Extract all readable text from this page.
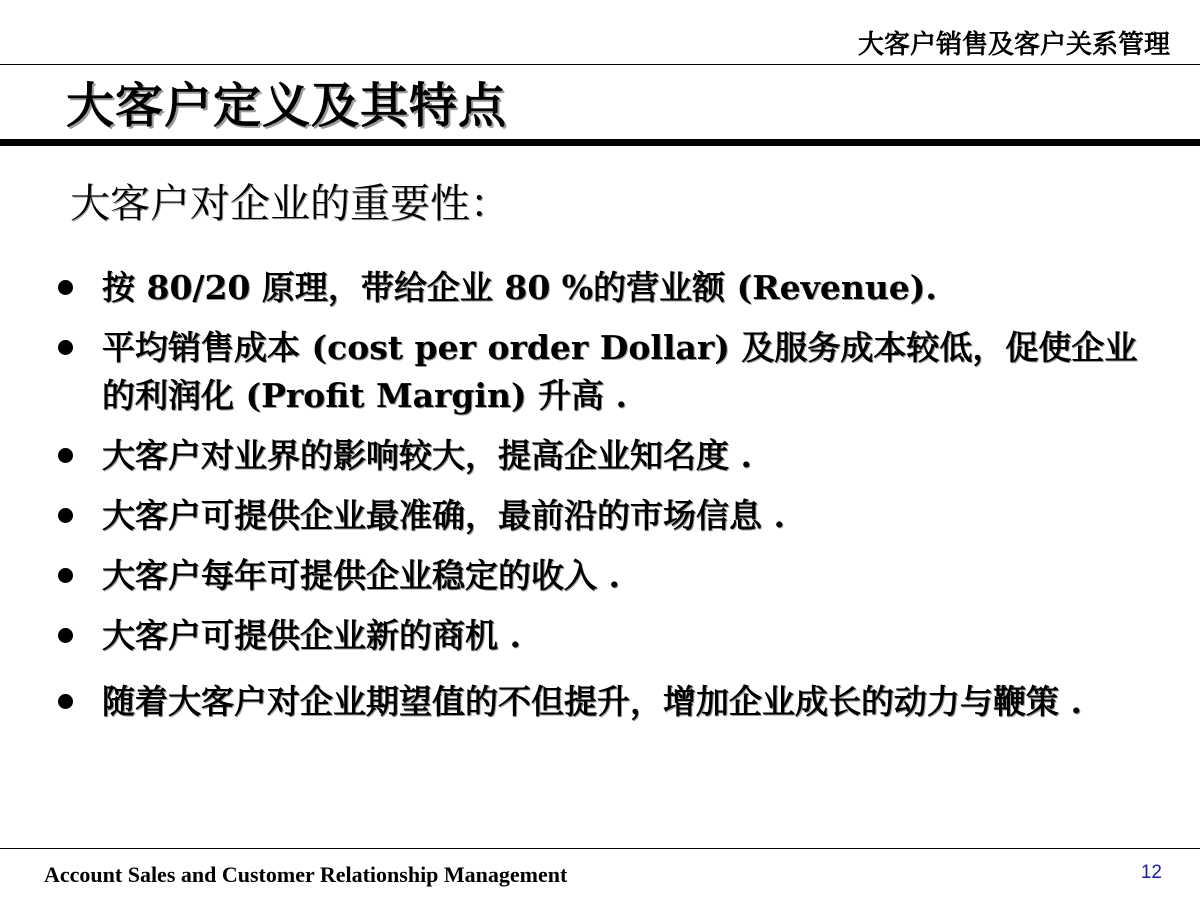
大客户销售及客户关系管理
大客户定义及其特点
大客户对企业的重要性：
按 80/20 原理，带给企业 80 %的营业额 (Revenue).
平均销售成本 (cost per order Dollar) 及服务成本较低，促使企业的利润化 (Profit Margin) 升高 .
大客户对业界的影响较大，提高企业知名度 .
大客户可提供企业最准确，最前沿的市场信息 .
大客户每年可提供企业稳定的收入 .
大客户可提供企业新的商机 .
随着大客户对企业期望值的不但提升，增加企业成长的动力与鞭策 .
Account Sales and Customer Relationship Management	12
